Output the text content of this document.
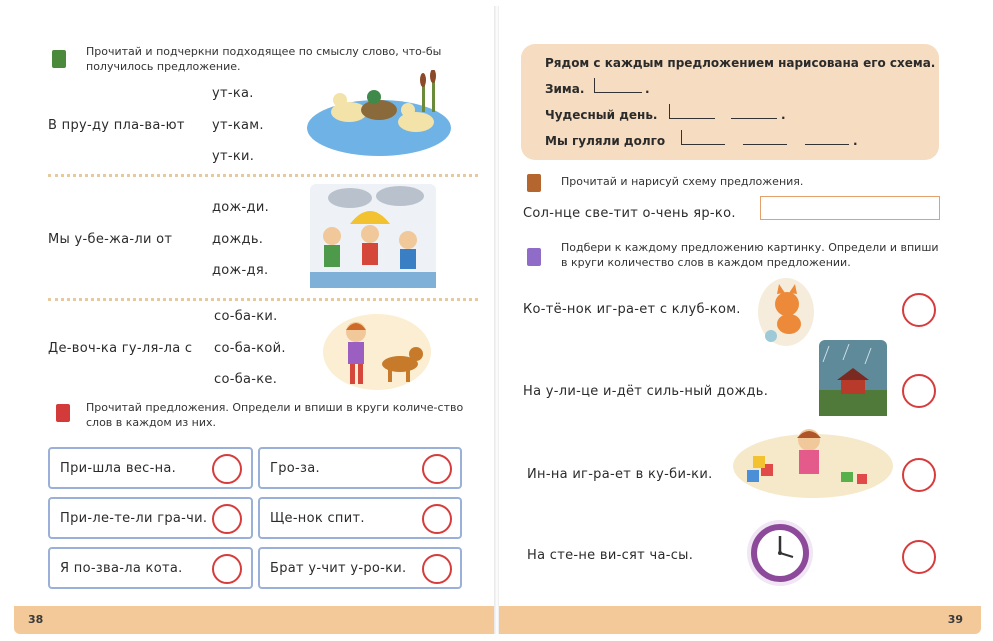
Прочитай и подчеркни подходящее по смыслу слово, что-бы получилось предложение.
В пру-ду пла-ва-ют
ут-ка.
ут-кам.
ут-ки.
Мы у-бе-жа-ли от
дож-ди.
дождь.
дож-дя.
Де-воч-ка гу-ля-ла с
со-ба-ки.
со-ба-кой.
со-ба-ке.
Прочитай предложения. Определи и впиши в круги количе-ство слов в каждом из них.
При-шла вес-на.	Гро-за.
При-ле-те-ли гра-чи.	Ще-нок спит.
Я по-зва-ла кота.	Брат у-чит у-ро-ки.
38
Рядом с каждым предложением нарисована его схема.
Зима.	.
Чудесный день.	.
Мы гуляли долго	.
Прочитай и нарисуй схему предложения.
Сол-нце све-тит о-чень яр-ко.
Подбери к каждому предложению картинку. Определи и впиши в круги количество слов в каждом предложении.
Ко-тё-нок иг-ра-ет с клуб-ком.
На у-ли-це и-дёт силь-ный дождь.
Ин-на иг-ра-ет в ку-би-ки.
На сте-не ви-сят ча-сы.
39
